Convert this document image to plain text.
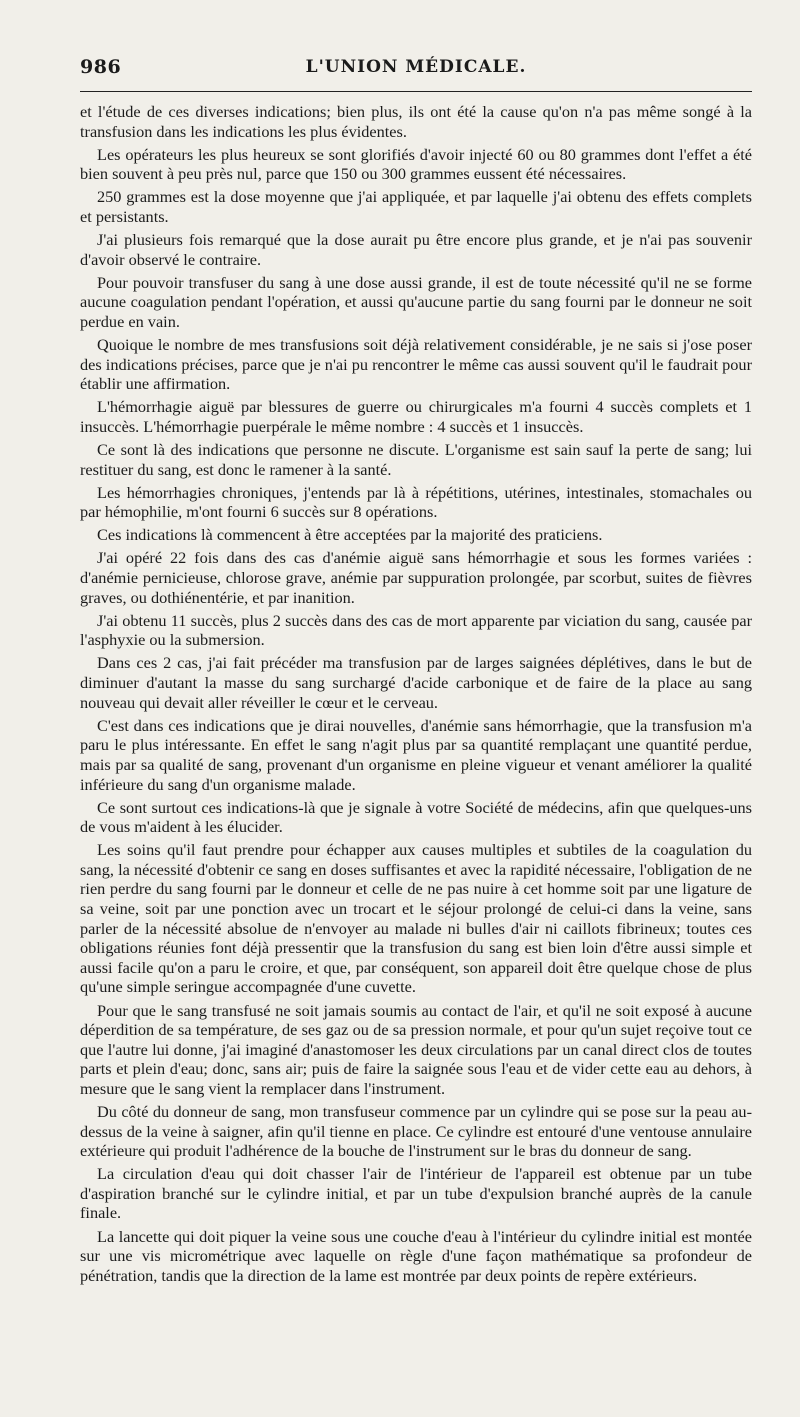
986	L'UNION MÉDICALE.

et l'étude de ces diverses indications; bien plus, ils ont été la cause qu'on n'a pas même songé à la transfusion dans les indications les plus évidentes.

Les opérateurs les plus heureux se sont glorifiés d'avoir injecté 60 ou 80 grammes dont l'effet a été bien souvent à peu près nul, parce que 150 ou 300 grammes eussent été nécessaires.

250 grammes est la dose moyenne que j'ai appliquée, et par laquelle j'ai obtenu des effets complets et persistants.

J'ai plusieurs fois remarqué que la dose aurait pu être encore plus grande, et je n'ai pas souvenir d'avoir observé le contraire.

Pour pouvoir transfuser du sang à une dose aussi grande, il est de toute nécessité qu'il ne se forme aucune coagulation pendant l'opération, et aussi qu'aucune partie du sang fourni par le donneur ne soit perdue en vain.

Quoique le nombre de mes transfusions soit déjà relativement considérable, je ne sais si j'ose poser des indications précises, parce que je n'ai pu rencontrer le même cas aussi souvent qu'il le faudrait pour établir une affirmation.

L'hémorrhagie aiguë par blessures de guerre ou chirurgicales m'a fourni 4 succès complets et 1 insuccès. L'hémorrhagie puerpérale le même nombre : 4 succès et 1 insuccès.

Ce sont là des indications que personne ne discute. L'organisme est sain sauf la perte de sang; lui restituer du sang, est donc le ramener à la santé.

Les hémorrhagies chroniques, j'entends par là à répétitions, utérines, intestinales, stomachales ou par hémophilie, m'ont fourni 6 succès sur 8 opérations.

Ces indications là commencent à être acceptées par la majorité des praticiens.

J'ai opéré 22 fois dans des cas d'anémie aiguë sans hémorrhagie et sous les formes variées : d'anémie pernicieuse, chlorose grave, anémie par suppuration prolongée, par scorbut, suites de fièvres graves, ou dothiénentérie, et par inanition.

J'ai obtenu 11 succès, plus 2 succès dans des cas de mort apparente par viciation du sang, causée par l'asphyxie ou la submersion.

Dans ces 2 cas, j'ai fait précéder ma transfusion par de larges saignées déplétives, dans le but de diminuer d'autant la masse du sang surchargé d'acide carbonique et de faire de la place au sang nouveau qui devait aller réveiller le cœur et le cerveau.

C'est dans ces indications que je dirai nouvelles, d'anémie sans hémorrhagie, que la transfusion m'a paru le plus intéressante. En effet le sang n'agit plus par sa quantité remplaçant une quantité perdue, mais par sa qualité de sang, provenant d'un organisme en pleine vigueur et venant améliorer la qualité inférieure du sang d'un organisme malade.

Ce sont surtout ces indications-là que je signale à votre Société de médecins, afin que quelques-uns de vous m'aident à les élucider.

Les soins qu'il faut prendre pour échapper aux causes multiples et subtiles de la coagulation du sang, la nécessité d'obtenir ce sang en doses suffisantes et avec la rapidité nécessaire, l'obligation de ne rien perdre du sang fourni par le donneur et celle de ne pas nuire à cet homme soit par une ligature de sa veine, soit par une ponction avec un trocart et le séjour prolongé de celui-ci dans la veine, sans parler de la nécessité absolue de n'envoyer au malade ni bulles d'air ni caillots fibrineux; toutes ces obligations réunies font déjà pressentir que la transfusion du sang est bien loin d'être aussi simple et aussi facile qu'on a paru le croire, et que, par conséquent, son appareil doit être quelque chose de plus qu'une simple seringue accompagnée d'une cuvette.

Pour que le sang transfusé ne soit jamais soumis au contact de l'air, et qu'il ne soit exposé à aucune déperdition de sa température, de ses gaz ou de sa pression normale, et pour qu'un sujet reçoive tout ce que l'autre lui donne, j'ai imaginé d'anastomoser les deux circulations par un canal direct clos de toutes parts et plein d'eau; donc, sans air; puis de faire la saignée sous l'eau et de vider cette eau au dehors, à mesure que le sang vient la remplacer dans l'instrument.

Du côté du donneur de sang, mon transfuseur commence par un cylindre qui se pose sur la peau au-dessus de la veine à saigner, afin qu'il tienne en place. Ce cylindre est entouré d'une ventouse annulaire extérieure qui produit l'adhérence de la bouche de l'instrument sur le bras du donneur de sang.

La circulation d'eau qui doit chasser l'air de l'intérieur de l'appareil est obtenue par un tube d'aspiration branché sur le cylindre initial, et par un tube d'expulsion branché auprès de la canule finale.

La lancette qui doit piquer la veine sous une couche d'eau à l'intérieur du cylindre initial est montée sur une vis micrométrique avec laquelle on règle d'une façon mathématique sa profondeur de pénétration, tandis que la direction de la lame est montrée par deux points de repère extérieurs.
